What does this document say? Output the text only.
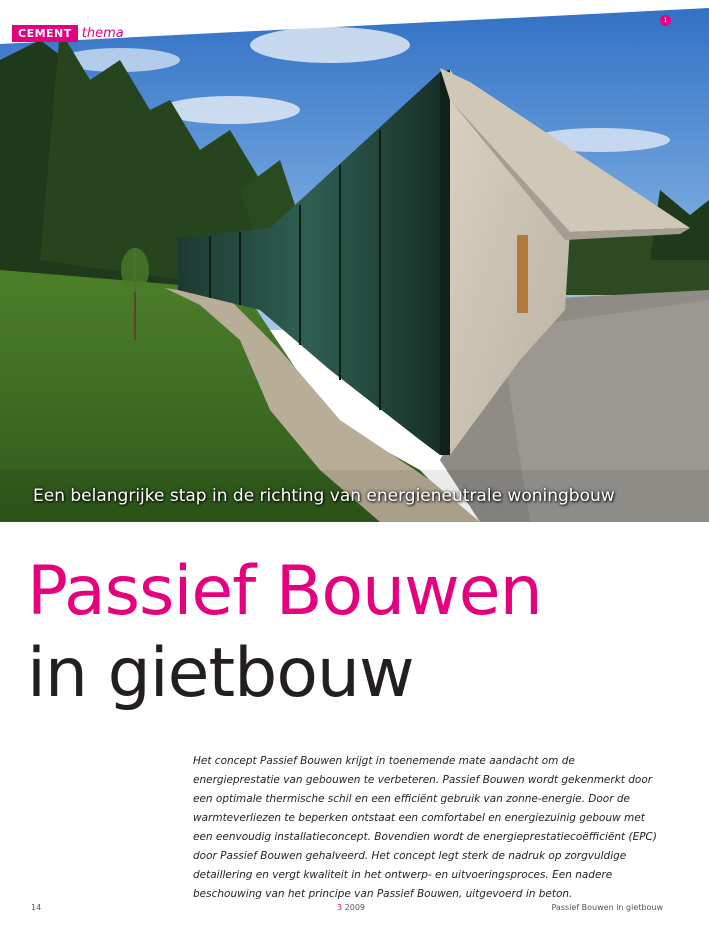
CEMENT thema
1
Een belangrijke stap in de richting van energieneutrale woningbouw
Passief Bouwen
in gietbouw

Het concept Passief Bouwen krijgt in toenemende mate aandacht om de energieprestatie van gebouwen te verbeteren. Passief Bouwen wordt gekenmerkt door een optimale thermische schil en een efficiënt gebruik van zonne-energie. Door de warmteverliezen te beperken ontstaat een comfortabel en energiezuinig gebouw met een eenvoudig installatieconcept. Bovendien wordt de energieprestatiecoëfficiënt (EPC) door Passief Bouwen gehalveerd. Het concept legt sterk de nadruk op zorgvuldige detaillering en vergt kwaliteit in het ontwerp- en uitvoeringsproces. Een nadere beschouwing van het principe van Passief Bouwen, uitgevoerd in beton.

14	3 2009	Passief Bouwen in gietbouw
